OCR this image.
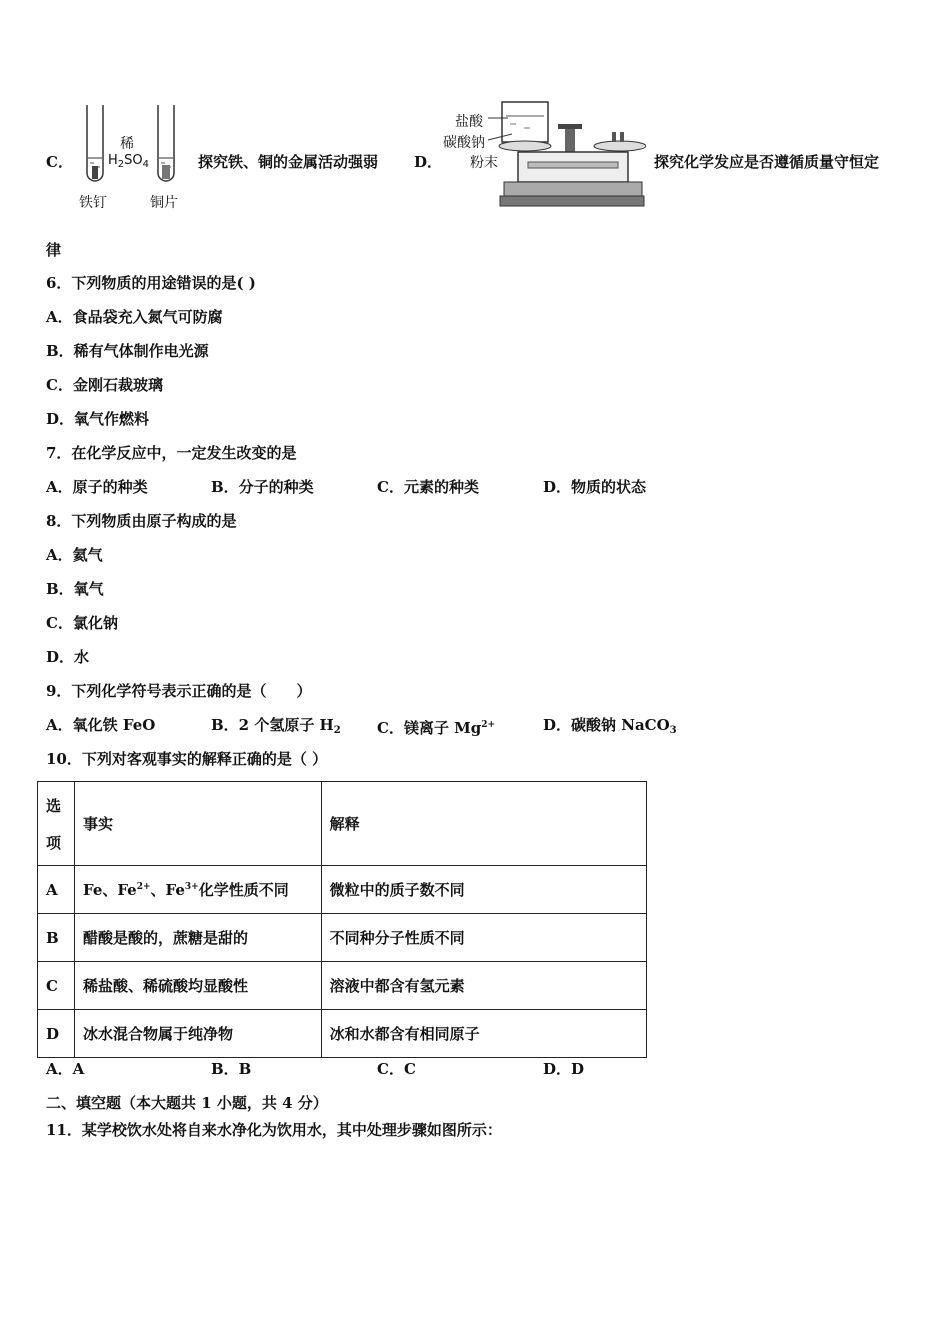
C．
稀
$H_2SO_4$
铁钉	铜片
探究铁、铜的金属活动强弱 D．
盐酸
碳酸钠
粉末	探究化学发应是否遵循质量守恒定
律
6．下列物质的用途错误的是( )
A．食品袋充入氮气可防腐
B．稀有气体制作电光源
C．金刚石裁玻璃
D．氧气作燃料
7．在化学反应中，一定发生改变的是
A．原子的种类	B．分子的种类	C．元素的种类	D．物质的状态
8．下列物质由原子构成的是
A．氦气
B．氧气
C．氯化钠
D．水
9．下列化学符号表示正确的是（　　）
A．氧化铁 FeO	B．2 个氢原子 $H_2$ C．镁离子 $Mg^{2+}$	D．碳酸钠 NaCO$_3$
10．下列对客观事实的解释正确的是（ ）
选
项	事实	解释
A	Fe、$Fe^{2+}$、$Fe^{3+}$化学性质不同	微粒中的质子数不同
B	醋酸是酸的，蔗糖是甜的	不同种分子性质不同
C	稀盐酸、稀硫酸均显酸性	溶液中都含有氢元素
D	冰水混合物属于纯净物	冰和水都含有相同原子
A．A	B．B	C．C	D．D
二、填空题（本大题共 1 小题，共 4 分）
11．某学校饮水处将自来水净化为饮用水，其中处理步骤如图所示：
